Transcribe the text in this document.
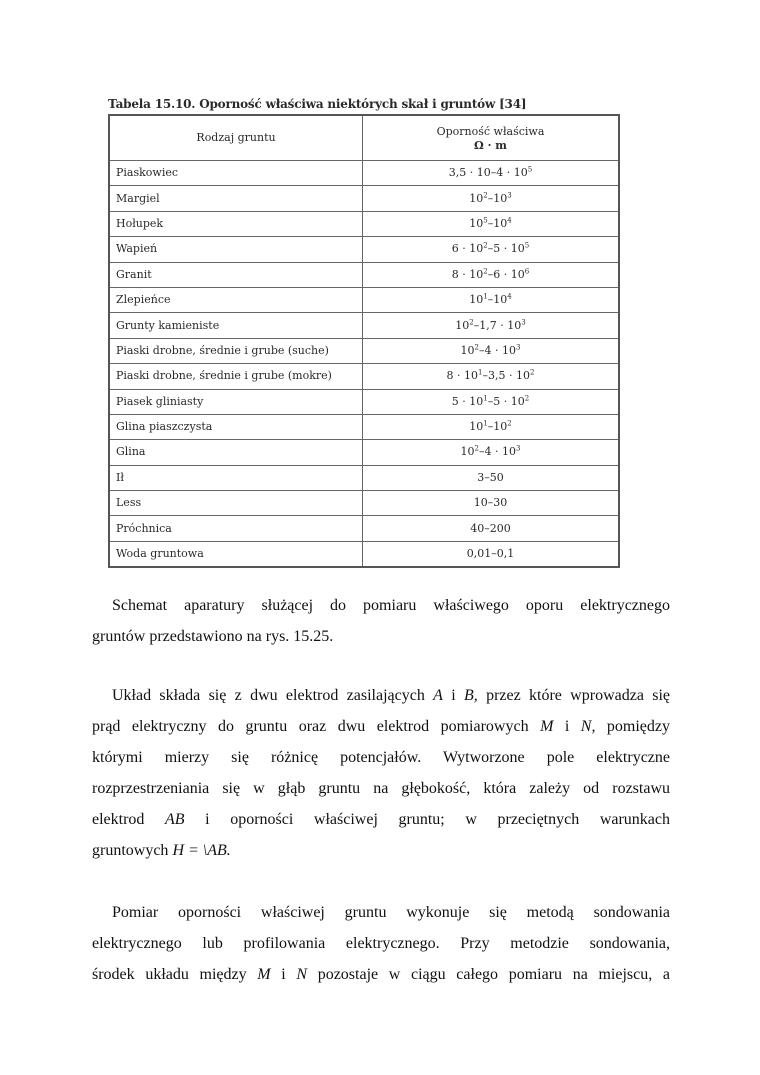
Tabela 15.10. Oporność właściwa niektórych skał i gruntów [34]
Rodzaj gruntu	Oporność właściwa
Ω · m
Piaskowiec	$3,5 \cdot 10-4 \cdot 10^5$
Margiel	$10^2-10^3$
Hołupek	$10^5-10^4$
Wapień	$6 \cdot 10^2-5 \cdot 10^5$
Granit	$8 \cdot 10^2-6 \cdot 10^6$
Zlepieńce	$10^1-10^4$
Grunty kamieniste	$10^2-1,7 \cdot 10^3$
Piaski drobne, średnie i grube (suche)	$10^2-4 \cdot 10^3$
Piaski drobne, średnie i grube (mokre)	$8 \cdot 10^1-3,5 \cdot 10^2$
Piasek gliniasty	$5 \cdot 10^1-5 \cdot 10^2$
Glina piaszczysta	$10^1-10^2$
Glina	$10^2-4 \cdot 10^3$
Ił	3–50
Less	10–30
Próchnica	40–200
Woda gruntowa	0,01–0,1
Schemat aparatury służącej do pomiaru właściwego oporu elektrycznego
gruntów przedstawiono na rys. 15.25.
Układ składa się z dwu elektrod zasilających A i B, przez które wprowadza się
prąd elektryczny do gruntu oraz dwu elektrod pomiarowych M i N, pomiędzy
którymi mierzy się różnicę potencjałów. Wytworzone pole elektryczne
rozprzestrzeniania się w głąb gruntu na głębokość, która zależy od rozstawu
elektrod AB i oporności właściwej gruntu; w przeciętnych warunkach
gruntowych H = \AB.
Pomiar oporności właściwej gruntu wykonuje się metodą sondowania
elektrycznego lub profilowania elektrycznego. Przy metodzie sondowania,
środek układu między M i N pozostaje w ciągu całego pomiaru na miejscu, a
